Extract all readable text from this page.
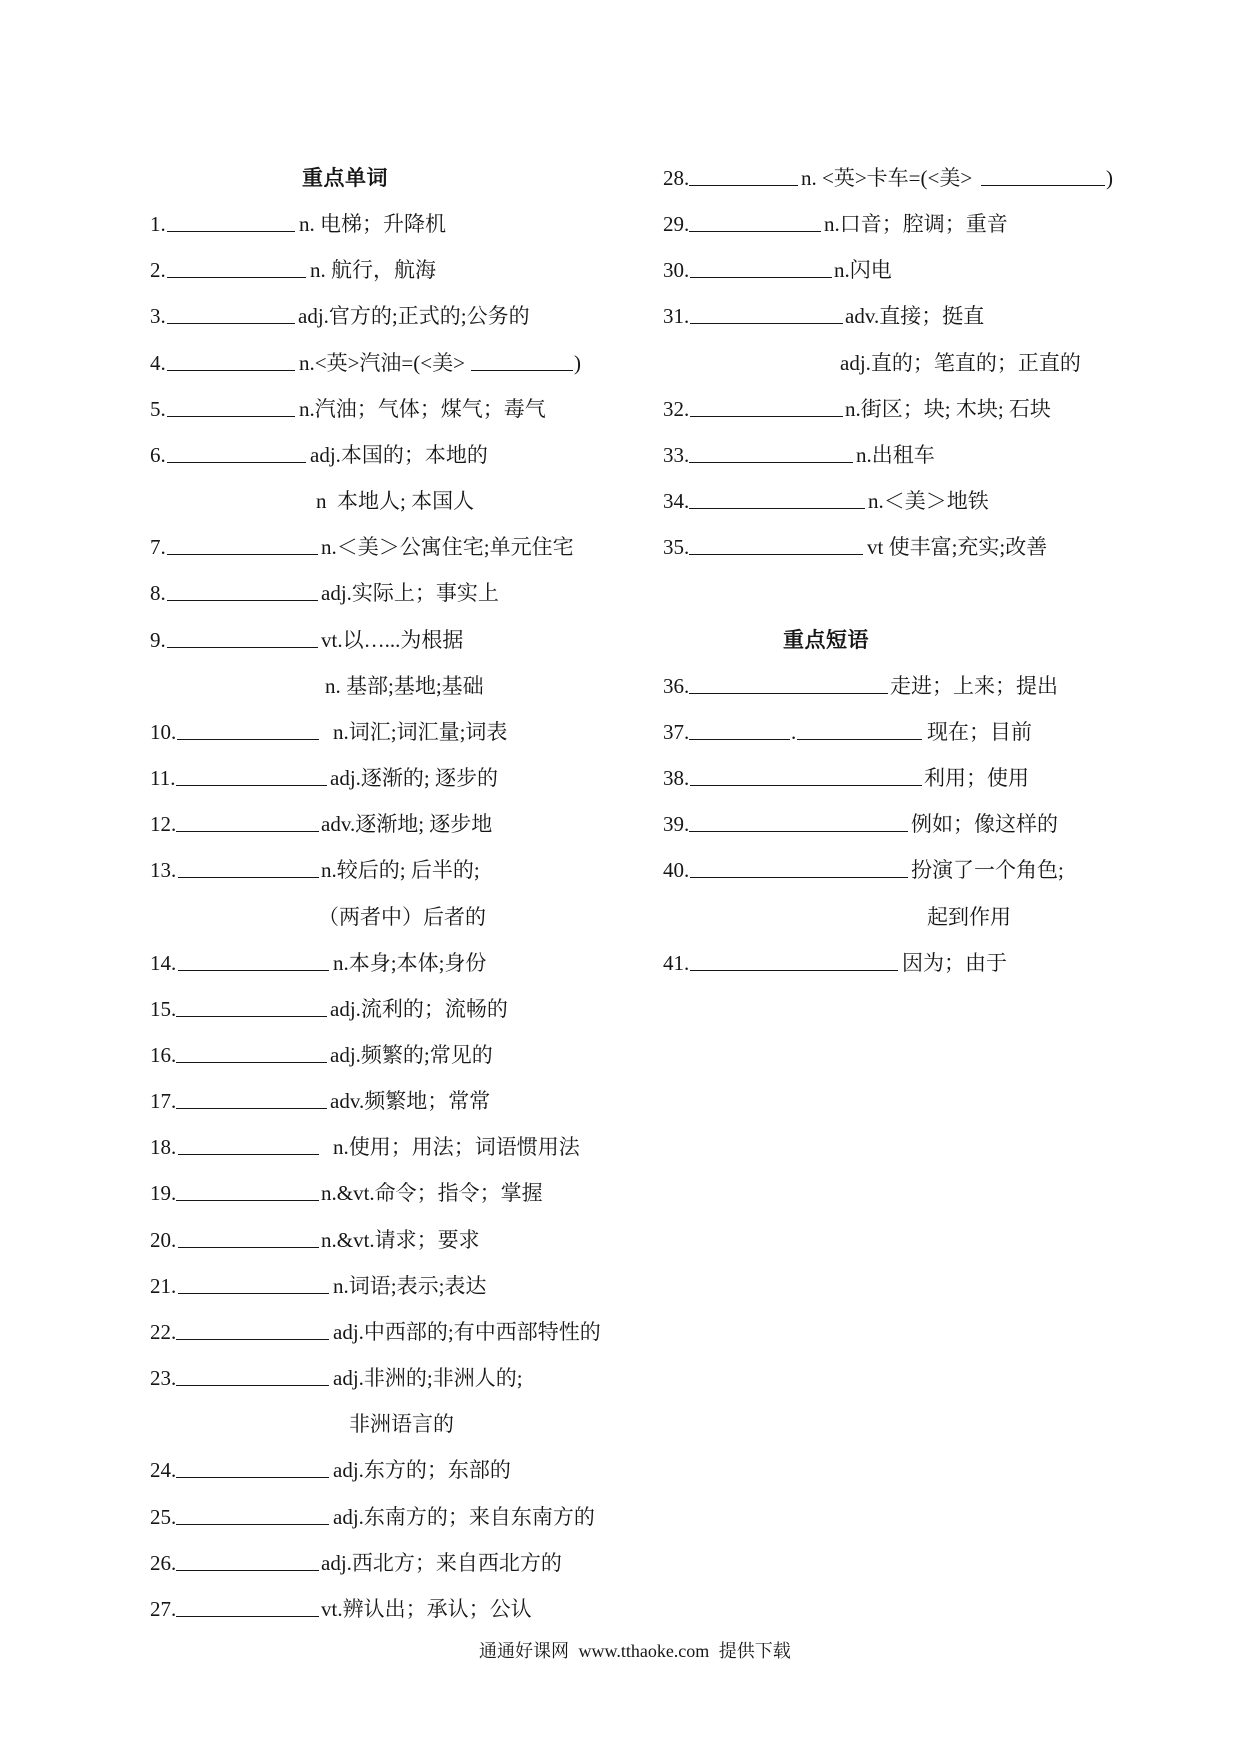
重点单词
1.	n. 电梯；升降机
2.	n. 航行，航海
3.	adj.官方的;正式的;公务的
4.	n.<英>汽油=(<美>	)
5.	n.汽油；气体；煤气；毒气
6.	adj.本国的；本地的
n  本地人; 本国人
7.	n.＜美＞公寓住宅;单元住宅
8.	adj.实际上；事实上
9.	vt.以…...为根据
n. 基部;基地;基础
10.	n.词汇;词汇量;词表
11.	adj.逐渐的; 逐步的
12.	adv.逐渐地; 逐步地
13.	n.较后的; 后半的;
（两者中）后者的
14.	n.本身;本体;身份
15.	adj.流利的；流畅的
16.	adj.频繁的;常见的
17.	adv.频繁地；常常
18.	n.使用；用法；词语惯用法
19.	n.&vt.命令；指令；掌握
20.	n.&vt.请求；要求
21.	n.词语;表示;表达
22.	adj.中西部的;有中西部特性的
23.	adj.非洲的;非洲人的;
非洲语言的
24.	adj.东方的；东部的
25.	adj.东南方的；来自东南方的
26.	adj.西北方；来自西北方的
27.	vt.辨认出；承认；公认
28.	n. <英>卡车=(<美>	)
29.	n.口音；腔调；重音
30.	n.闪电
31.	adv.直接；挺直
adj.直的；笔直的；正直的
32.	n.街区；块; 木块; 石块
33.	n.出租车
34.	n.＜美＞地铁
35.	vt 使丰富;充实;改善
重点短语
36.	走进；上来；提出
37.	.	现在；目前
38.	利用；使用
39.	例如；像这样的
40.	扮演了一个角色;
起到作用
41.	因为；由于
通通好课网 www.tthaoke.com 提供下载
